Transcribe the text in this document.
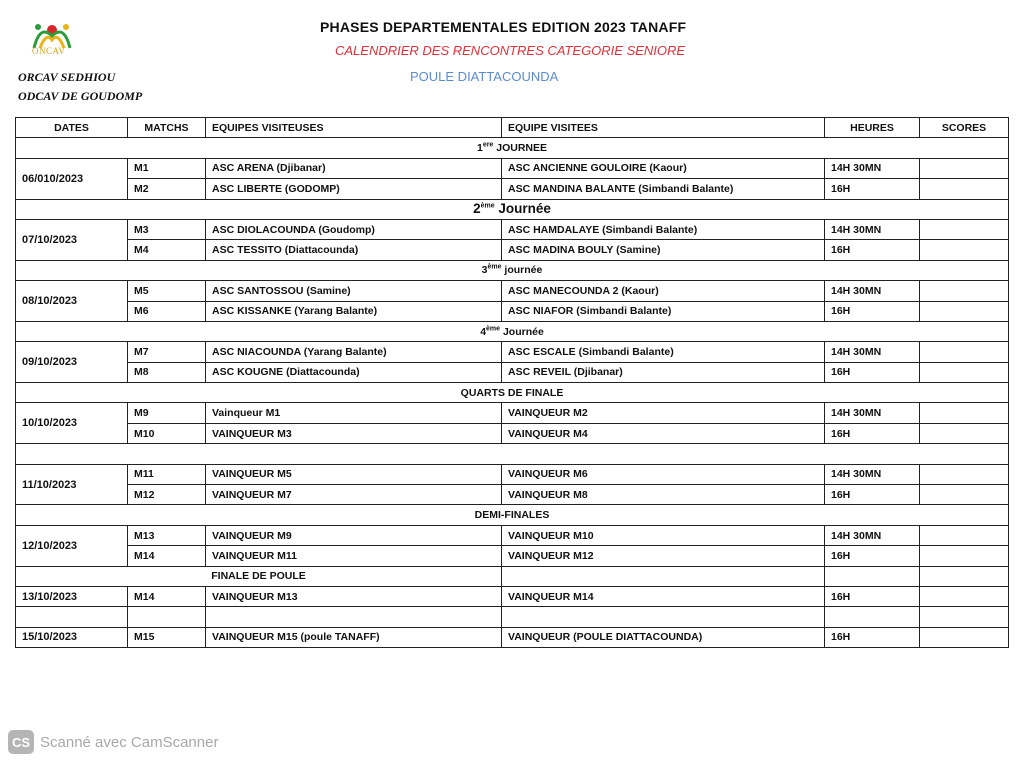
ONCAV
ORCAV SEDHIOU
ODCAV DE GOUDOMP
PHASES DEPARTEMENTALES EDITION 2023 TANAFF
CALENDRIER DES RENCONTRES CATEGORIE SENIORE
POULE DIATTACOUNDA
DATES	MATCHS	EQUIPES VISITEUSES	EQUIPE VISITEES	HEURES	SCORES
1ere JOURNEE					
06/010/2023	M1	ASC ARENA (Djibanar)	ASC ANCIENNE GOULOIRE (Kaour)	14H 30MN	
	M2	ASC LIBERTE (GODOMP)	ASC MANDINA BALANTE (Simbandi Balante)	16H	
2ème Journée					
07/10/2023	M3	ASC DIOLACOUNDA (Goudomp)	ASC HAMDALAYE (Simbandi Balante)	14H 30MN	
	M4	ASC TESSITO (Diattacounda)	ASC MADINA BOULY (Samine)	16H	
3ème journée					
08/10/2023	M5	ASC SANTOSSOU (Samine)	ASC MANECOUNDA 2 (Kaour)	14H 30MN	
	M6	ASC KISSANKE (Yarang Balante)	ASC NIAFOR (Simbandi Balante)	16H	
4ème Journée					
09/10/2023	M7	ASC NIACOUNDA (Yarang Balante)	ASC ESCALE (Simbandi Balante)	14H 30MN	
	M8	ASC KOUGNE (Diattacounda)	ASC REVEIL (Djibanar)	16H	
QUARTS DE FINALE					
10/10/2023	M9	Vainqueur M1	VAINQUEUR M2	14H 30MN	
	M10	VAINQUEUR M3	VAINQUEUR M4	16H	

11/10/2023	M11	VAINQUEUR M5	VAINQUEUR M6	14H 30MN	
	M12	VAINQUEUR M7	VAINQUEUR M8	16H	
DEMI-FINALES					
12/10/2023	M13	VAINQUEUR M9	VAINQUEUR M10	14H 30MN	
	M14	VAINQUEUR M11	VAINQUEUR M12	16H	
FINALE DE POULE					
13/10/2023	M14	VAINQUEUR M13	VAINQUEUR M14	16H	

15/10/2023	M15	VAINQUEUR M15 (poule TANAFF)	VAINQUEUR (POULE DIATTACOUNDA)	16H	
CS Scanné avec CamScanner
